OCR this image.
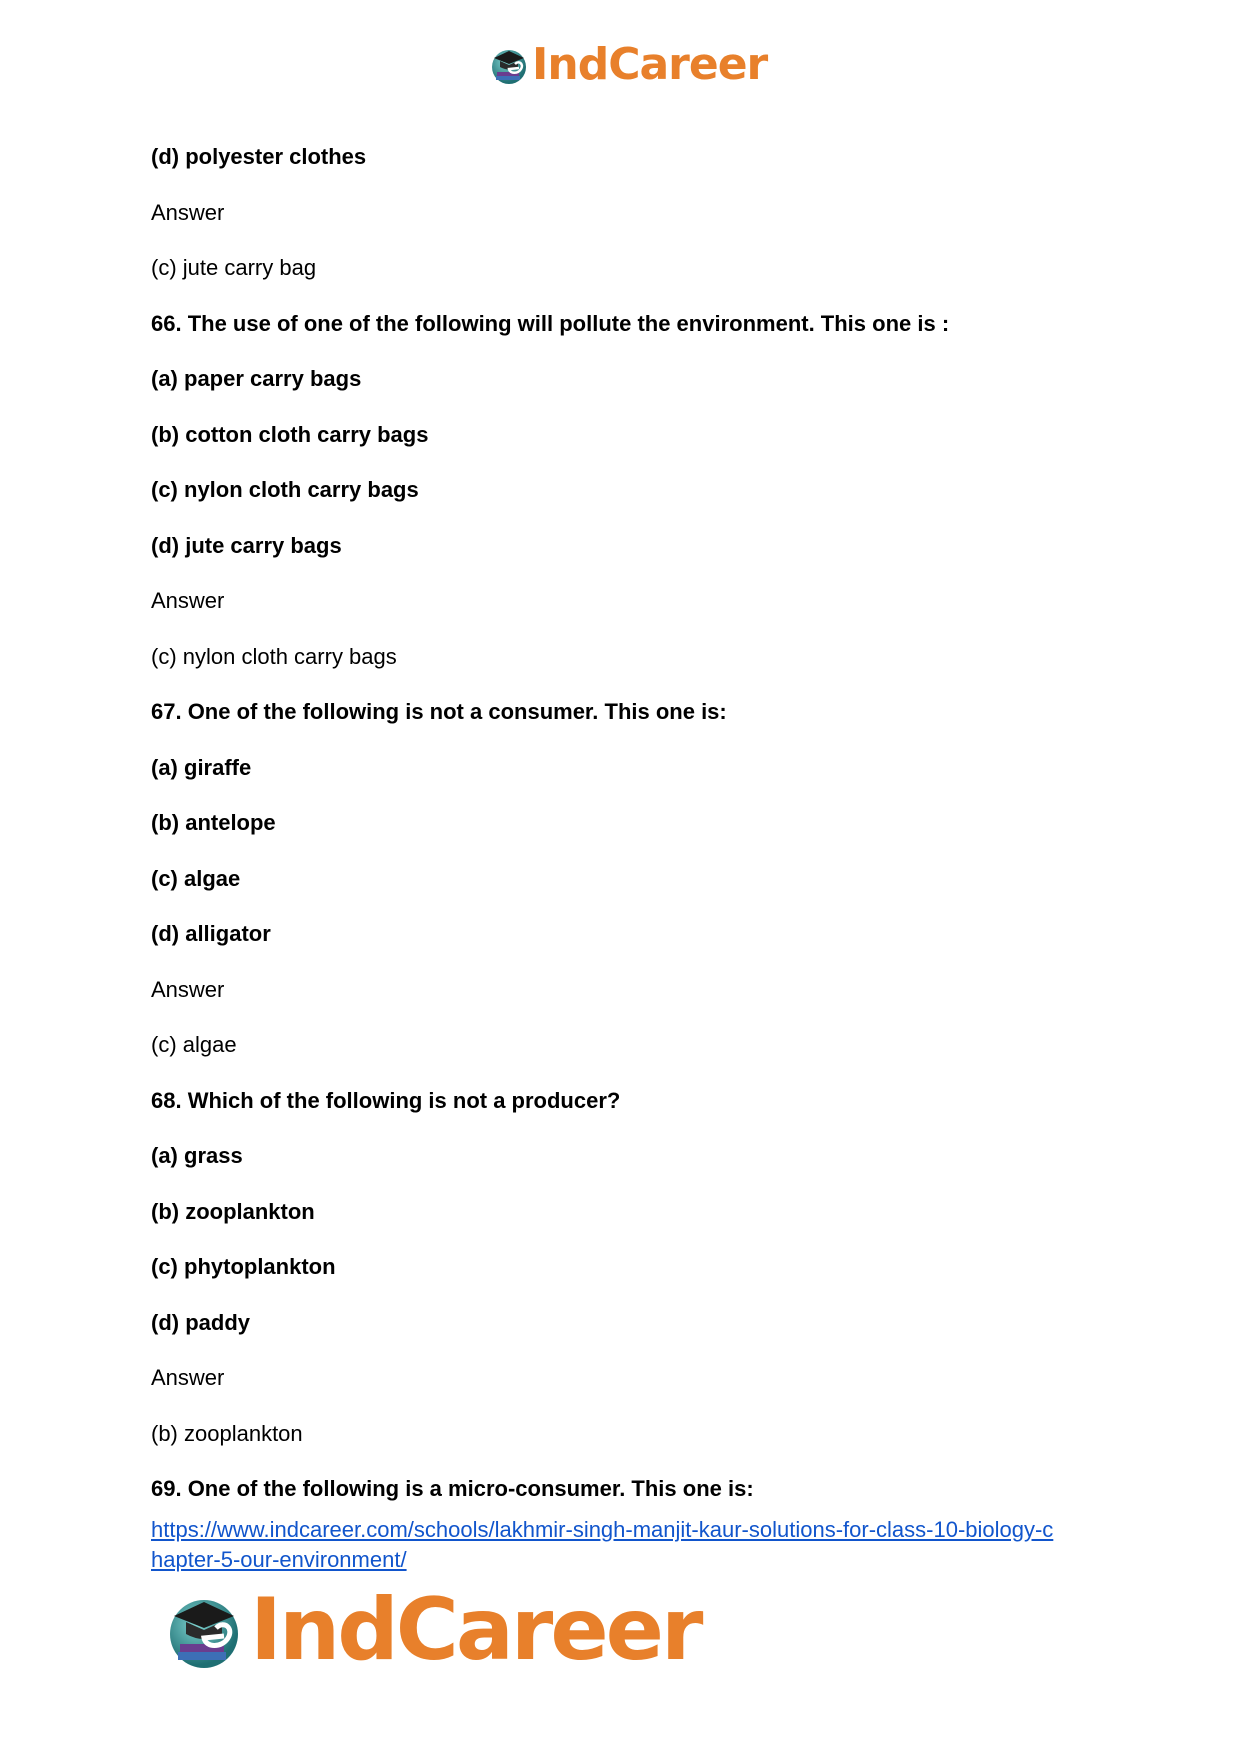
IndCareer
(d) polyester clothes
Answer
(c) jute carry bag
66. The use of one of the following will pollute the environment. This one is :
(a) paper carry bags
(b) cotton cloth carry bags
(c) nylon cloth carry bags
(d) jute carry bags
Answer
(c) nylon cloth carry bags
67. One of the following is not a consumer. This one is:
(a) giraffe
(b) antelope
(c) algae
(d) alligator
Answer
(c) algae
68. Which of the following is not a producer?
(a) grass
(b) zooplankton
(c) phytoplankton
(d) paddy
Answer
(b) zooplankton
69. One of the following is a micro-consumer. This one is:
https://www.indcareer.com/schools/lakhmir-singh-manjit-kaur-solutions-for-class-10-biology-c
hapter-5-our-environment/
IndCareer
